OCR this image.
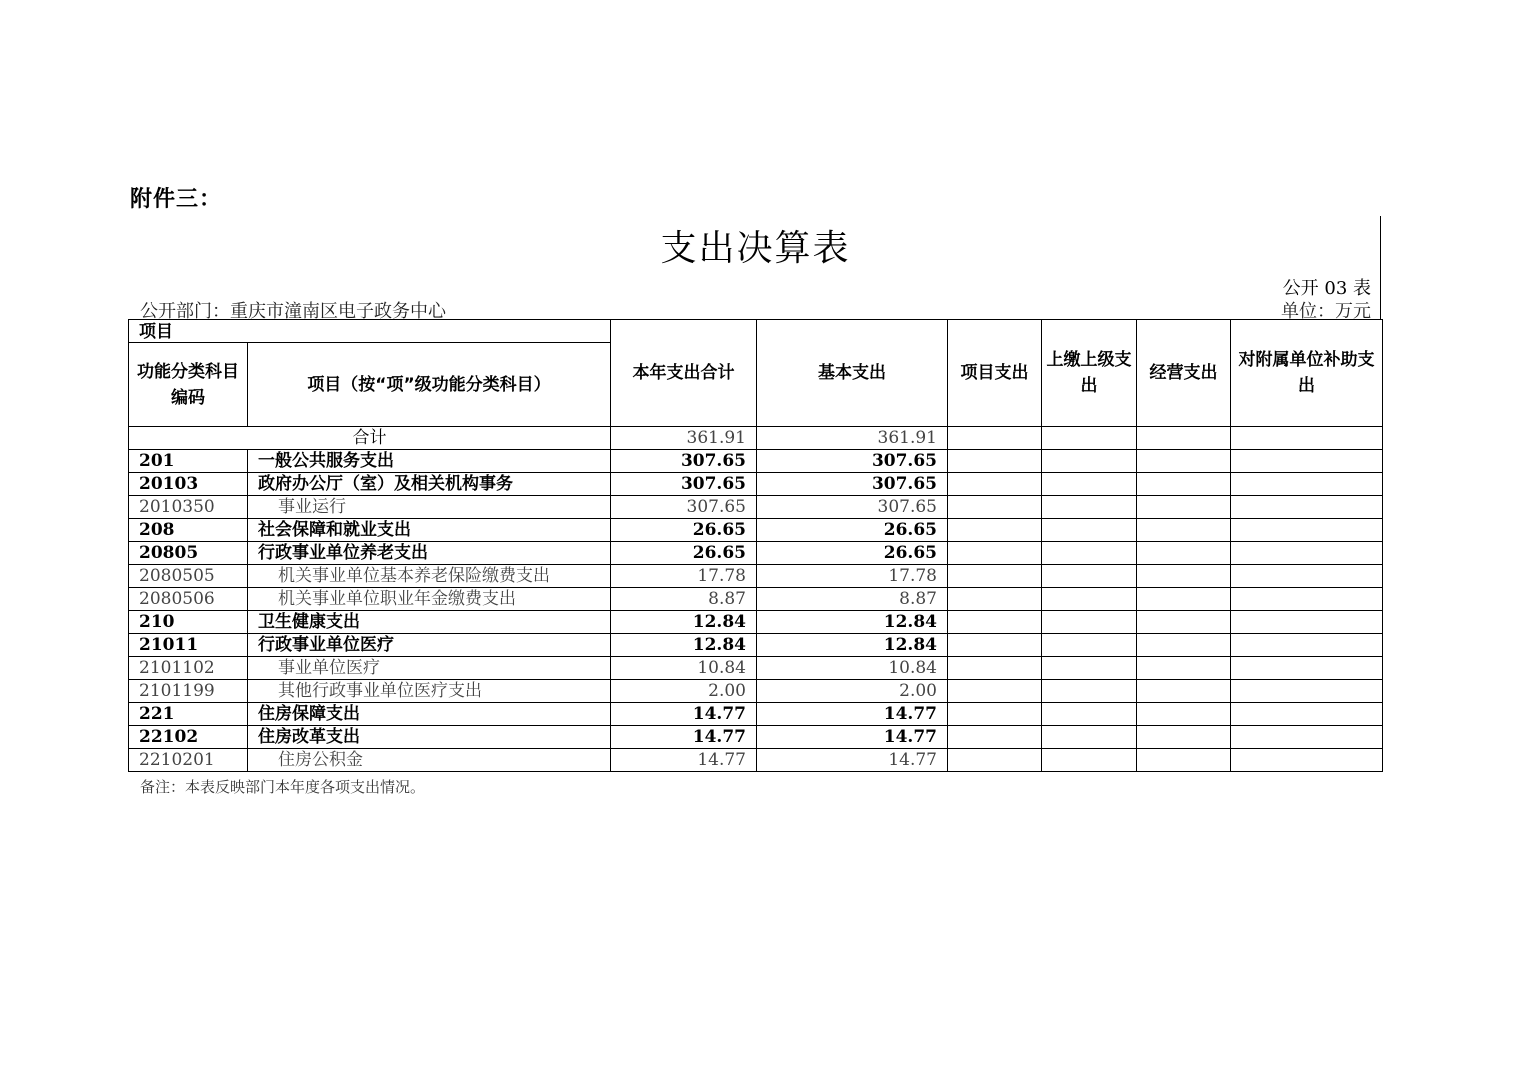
附件三：
支出决算表
公开 03 表
公开部门：重庆市潼南区电子政务中心	单位：万元
项目		本年支出合计	基本支出	项目支出	上缴上级支出	经营支出	对附属单位补助支出
功能分类科目编码	项目（按“项”级功能分类科目）						
合计		361.91	361.91				
201	一般公共服务支出	307.65	307.65				
20103	政府办公厅（室）及相关机构事务	307.65	307.65				
2010350	事业运行	307.65	307.65				
208	社会保障和就业支出	26.65	26.65				
20805	行政事业单位养老支出	26.65	26.65				
2080505	机关事业单位基本养老保险缴费支出	17.78	17.78				
2080506	机关事业单位职业年金缴费支出	8.87	8.87				
210	卫生健康支出	12.84	12.84				
21011	行政事业单位医疗	12.84	12.84				
2101102	事业单位医疗	10.84	10.84				
2101199	其他行政事业单位医疗支出	2.00	2.00				
221	住房保障支出	14.77	14.77				
22102	住房改革支出	14.77	14.77				
2210201	住房公积金	14.77	14.77				
备注：本表反映部门本年度各项支出情况。
